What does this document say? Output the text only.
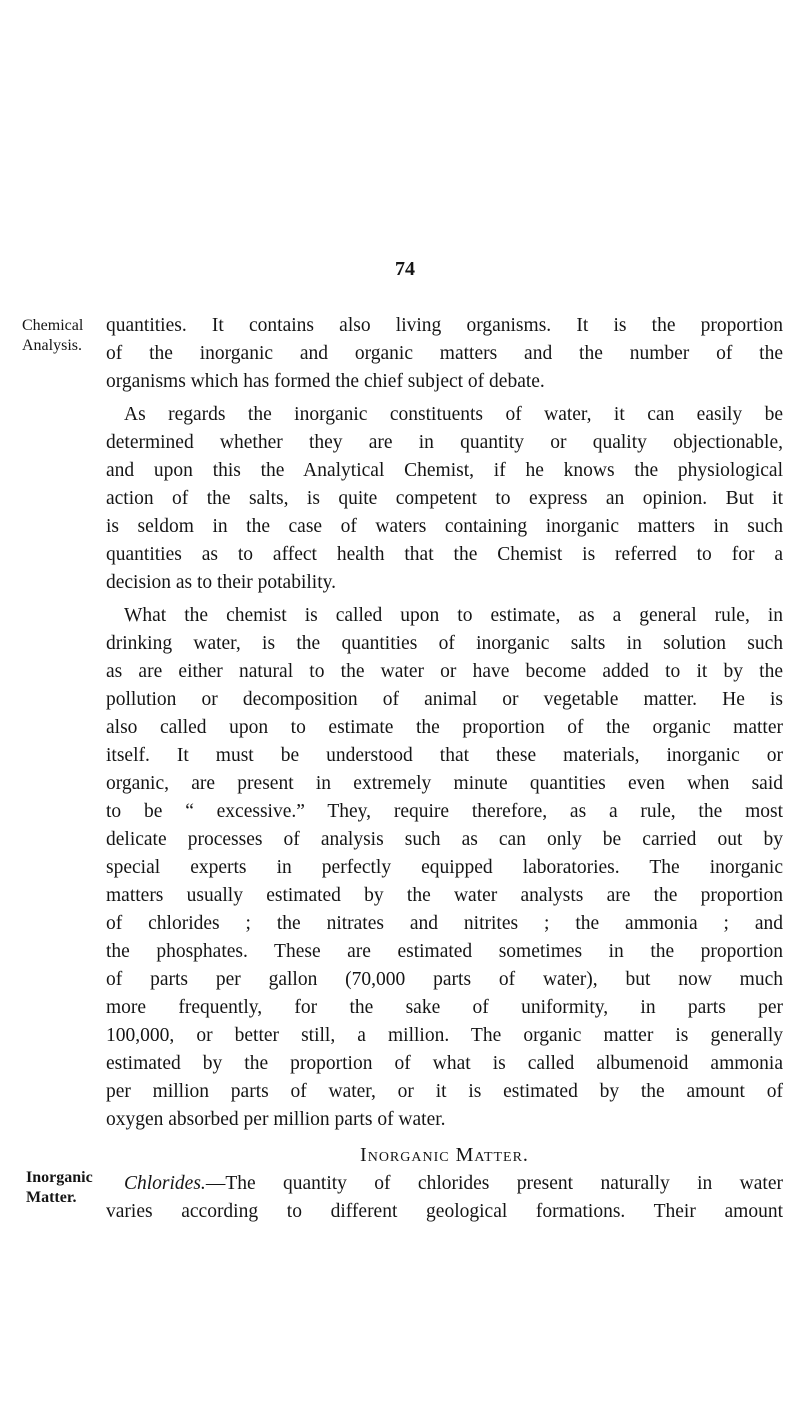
74
Chemical Analysis.
Inorganic Matter.
quantities. It contains also living organisms. It is the proportion
of the inorganic and organic matters and the number of the
organisms which has formed the chief subject of debate.
As regards the inorganic constituents of water, it can easily be
determined whether they are in quantity or quality objectionable,
and upon this the Analytical Chemist, if he knows the physiological
action of the salts, is quite competent to express an opinion. But it
is seldom in the case of waters containing inorganic matters in such
quantities as to affect health that the Chemist is referred to for a
decision as to their potability.
What the chemist is called upon to estimate, as a general rule, in
drinking water, is the quantities of inorganic salts in solution such
as are either natural to the water or have become added to it by the
pollution or decomposition of animal or vegetable matter. He is
also called upon to estimate the proportion of the organic matter
itself. It must be understood that these materials, inorganic or
organic, are present in extremely minute quantities even when said
to be “ excessive.” They, require therefore, as a rule, the most
delicate processes of analysis such as can only be carried out by
special experts in perfectly equipped laboratories. The inorganic
matters usually estimated by the water analysts are the proportion
of chlorides ; the nitrates and nitrites ; the ammonia ; and
the phosphates. These are estimated sometimes in the proportion
of parts per gallon (70,000 parts of water), but now much
more frequently, for the sake of uniformity, in parts per
100,000, or better still, a million. The organic matter is generally
estimated by the proportion of what is called albumenoid ammonia
per million parts of water, or it is estimated by the amount of
oxygen absorbed per million parts of water.
Inorganic Matter.
Chlorides.—The quantity of chlorides present naturally in water
varies according to different geological formations. Their amount
